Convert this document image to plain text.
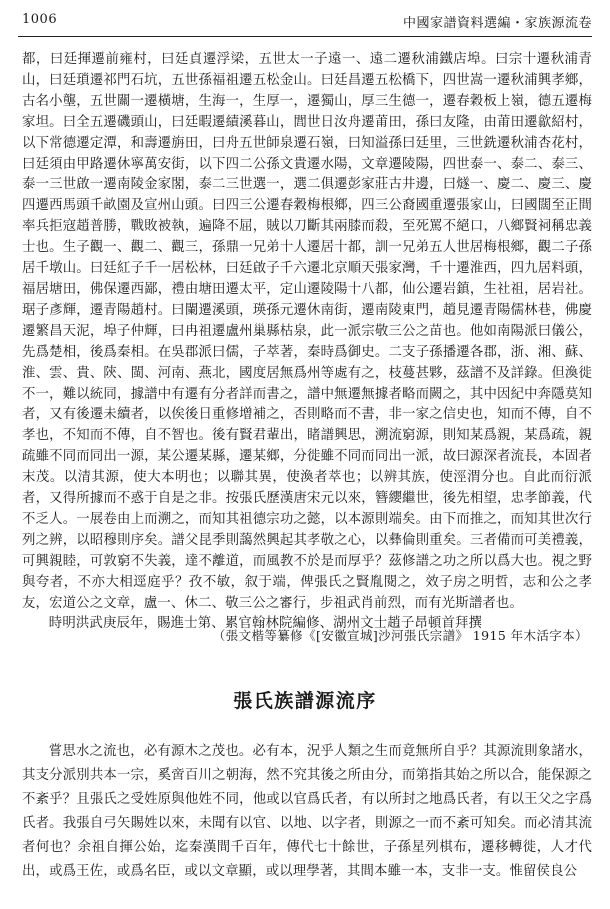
1006	中國家譜資料選編・家族源流卷

都，曰廷揮遷前雍村，曰廷貞遷浮梁，五世太一子遠一、遠二遷秋浦鐵店埠。曰宗十遷秋浦青山，曰廷瑣遷祁門石坑，五世孫福祖遷五松金山。曰廷昌遷五松橋下，四世嵩一遷秋浦興孝鄉，古名小壟，五世關一遷橫塘，生海一，生厚一，遷獨山，厚三生德一，遷春穀板上嶺，德五遷梅家坦。曰全五遷磯頭山，曰廷暇遷績溪暮山，閭世日汝舟遷莆田，孫曰友隆，由莆田遷歙紹村，以下常德遷定潭，和壽遷旃田，曰舟五世師泉遷石嶺，曰知溢孫曰廷里，三世銑遷秋浦杏花村，曰廷須由甲路遷休寧萬安街，以下四二公孫文貴遷水陽，文章遷陵陽，四世泰一、泰二、泰三、泰一三世啟一遷南陵金家閣，泰二三世選一，選二俱遷彭家莊古井邊，曰燧一、慶二、慶三、慶四遷西馬頭千畝園及宣州山頭。曰四三公遷春穀梅根鄉，四三公裔國重遷張家山，曰國闊至正間率兵拒寇趙普勝，戰敗被執，遍降不屈，賊以刀斷其兩膝而殺，至死罵不絕口，八鄉賢祠稱忠義士也。生子觀一、觀二、觀三，孫鼎一兄弟十人遷居十都，訓一兄弟五人世居梅根鄉，觀二子孫居千墩山。曰廷紅子千一居松林，曰廷啟子千六遷北京順天張家灣，千十遷淮西，四九居料頭，福居塘田，佛保遷西鄙，禮由塘田遷太平，定山遷陵陽十八都，仙公遷岩鎮，生社祖，居岩社。琚子彥輝，遷青陽趙村。曰闌遷溪頭，瑛孫元遷休南街，遷南陵東門，趙見遷青陽儒林巷，佛慶遷繁昌天泥，埠子仲輝，曰冉祖遷盧州巢縣枯泉，此一派宗敬三公之苗也。他如南陽派曰儀公，先爲楚相，後爲秦相。在吳郡派曰儒，子萃著，秦時爲御史。二支子孫播遷各郡，浙、湘、蘇、淮、雲、貴、陝、閩、河南、燕北，國度居無爲州等處有之，枝蔓甚夥，茲譜不及詳錄。但渙徙不一，難以統同，據譜中有遷有分者詳而書之，譜中無遷無據者略而闕之，其中因紀中奔隱莫知者，又有後遷未續者，以俟後日重修增補之，否則略而不書，非一家之信史也，知而不傳，自不孝也，不知而不傳，自不智也。後有賢君輩出，睹譜興思，溯流窮源，則知某爲親，某爲疏，親疏雖不同而同出一源，某公遷某縣，遷某鄉，分徙雖不同而同出一派，故曰源深者流長，本固者末茂。以清其源，使大本明也；以聯其異，使渙者萃也；以辨其族，使涇渭分也。自此而衍派者，又得所據而不惑于自是之非。按張氏歷漢唐宋元以來，簪纓繼世，後先相望，忠孝節義，代不乏人。一展卷由上而溯之，而知其祖德宗功之懿，以本源則端矣。由下而推之，而知其世次行列之辨，以昭穆則序矣。譜父昆季則藹然興起其孝敬之心，以彝倫則重矣。三者備而可美禮義，可興親睦，可敦窮不失義，達不離道，而風教不於是而厚乎？茲修譜之功之所以爲大也。視之野與夸者，不亦大相逕庭乎？孜不敏，叙于端，俾張氏之賢胤閱之，效子房之明哲，志和公之孝友，宏道公之文章，盧一、休二、敬三公之審行，步祖武肖前烈，而有光斯譜者也。

時明洪武庚辰年，賜進士第、累官翰林院編修、湖州文士趙子昂頓首拜撰

（張文楷等纂修《[安徽宣城]沙河張氏宗譜》 1915 年木活字本）
張氏族譜源流序

嘗思水之流也，必有源木之茂也。必有本，況乎人類之生而竟無所自乎？其源流則象諸水，其支分派別共本一宗，奚啻百川之朝海，然不究其後之所由分，而第指其始之所以合，能保源之不紊乎？且張氏之受姓原與他姓不同，他或以官爲氏者，有以所封之地爲氏者，有以王父之字爲氏者。我張自弓矢賜姓以來，未聞有以官、以地、以字者，則源之一而不紊可知矣。而必清其流者何也？余祖自揮公始，迄秦漢間千百年，傳代七十餘世，子孫星列棋布，遷移轉徙，人才代出，或爲王佐，或爲名臣，或以文章顯，或以理學著，其間本雖一本，支非一支。惟留侯良公
